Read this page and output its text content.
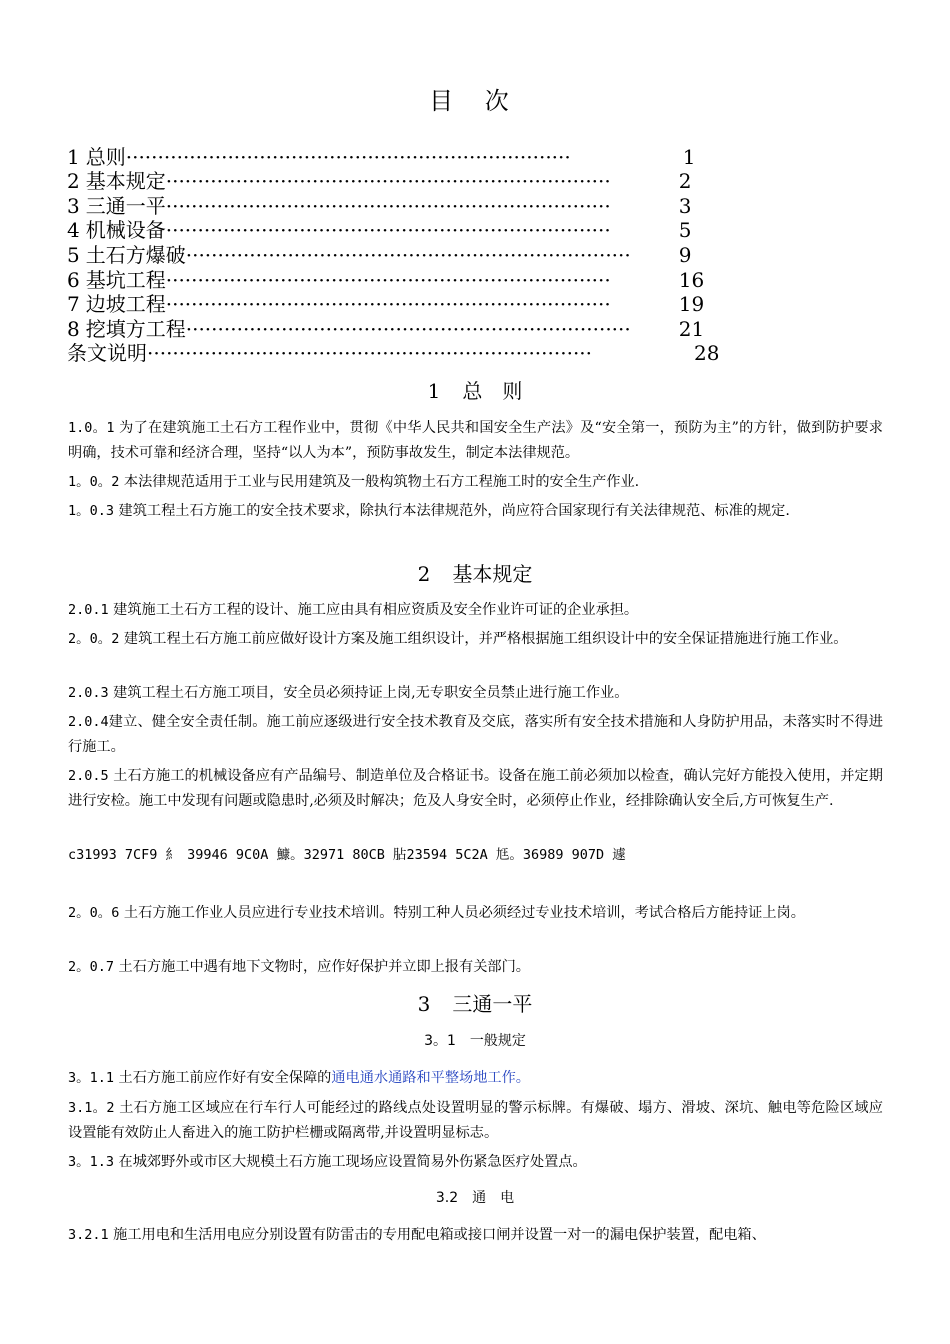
目 次
1 总则 ······································································	1
2 基本规定 ······································································	2
3 三通一平 ······································································	3
4 机械设备 ······································································	5
5 土石方爆破 ······································································	9
6 基坑工程 ······································································	16
7 边坡工程 ······································································	19
8 挖填方工程 ······································································	21
条文说明 ······································································	28
1 总　则
1.0。1 为了在建筑施工土石方工程作业中，贯彻《中华人民共和国安全生产法》及“安全第一，预防为主”的方针，做到防护要求明确，技术可靠和经济合理，坚持“以人为本”，预防事故发生，制定本法律规范。
1。0。2 本法律规范适用于工业与民用建筑及一般构筑物土石方工程施工时的安全生产作业.
1。0.3 建筑工程土石方施工的安全技术要求，除执行本法律规范外，尚应符合国家现行有关法律规范、标准的规定.
2 基本规定
2.0.1 建筑施工土石方工程的设计、施工应由具有相应资质及安全作业许可证的企业承担。
2。0。2 建筑工程土石方施工前应做好设计方案及施工组织设计，并严格根据施工组织设计中的安全保证措施进行施工作业。
2.0.3 建筑工程土石方施工项目，安全员必须持证上岗,无专职安全员禁止进行施工作业。
2.0.4建立、健全安全责任制。施工前应逐级进行安全技术教育及交底，落实所有安全技术措施和人身防护用品，未落实时不得进行施工。
2.0.5 土石方施工的机械设备应有产品编号、制造单位及合格证书。设备在施工前必须加以检查，确认完好方能投入使用，并定期进行安检。施工中发现有问题或隐患时,必须及时解决；危及人身安全时，必须停止作业，经排除确认安全后,方可恢复生产.
c31993 7CF9 糹 39946 9C0A 鱇。32971 80CB 胋23594 5C2A 尪。36989 907D 遽
2。0。6 土石方施工作业人员应进行专业技术培训。特别工种人员必须经过专业技术培训，考试合格后方能持证上岗。
2。0.7 土石方施工中遇有地下文物时，应作好保护并立即上报有关部门。
3 三通一平
3。1 一般规定
3。1.1 土石方施工前应作好有安全保障的通电通水通路和平整场地工作。
3.1。2 土石方施工区域应在行车行人可能经过的路线点处设置明显的警示标牌。有爆破、塌方、滑坡、深坑、触电等危险区域应设置能有效防止人畜进入的施工防护栏栅或隔离带,并设置明显标志。
3。1.3 在城郊野外或市区大规模土石方施工现场应设置简易外伤紧急医疗处置点。
3.2 通　电
3.2.1 施工用电和生活用电应分别设置有防雷击的专用配电箱或接口闸并设置一对一的漏电保护装置，配电箱、
